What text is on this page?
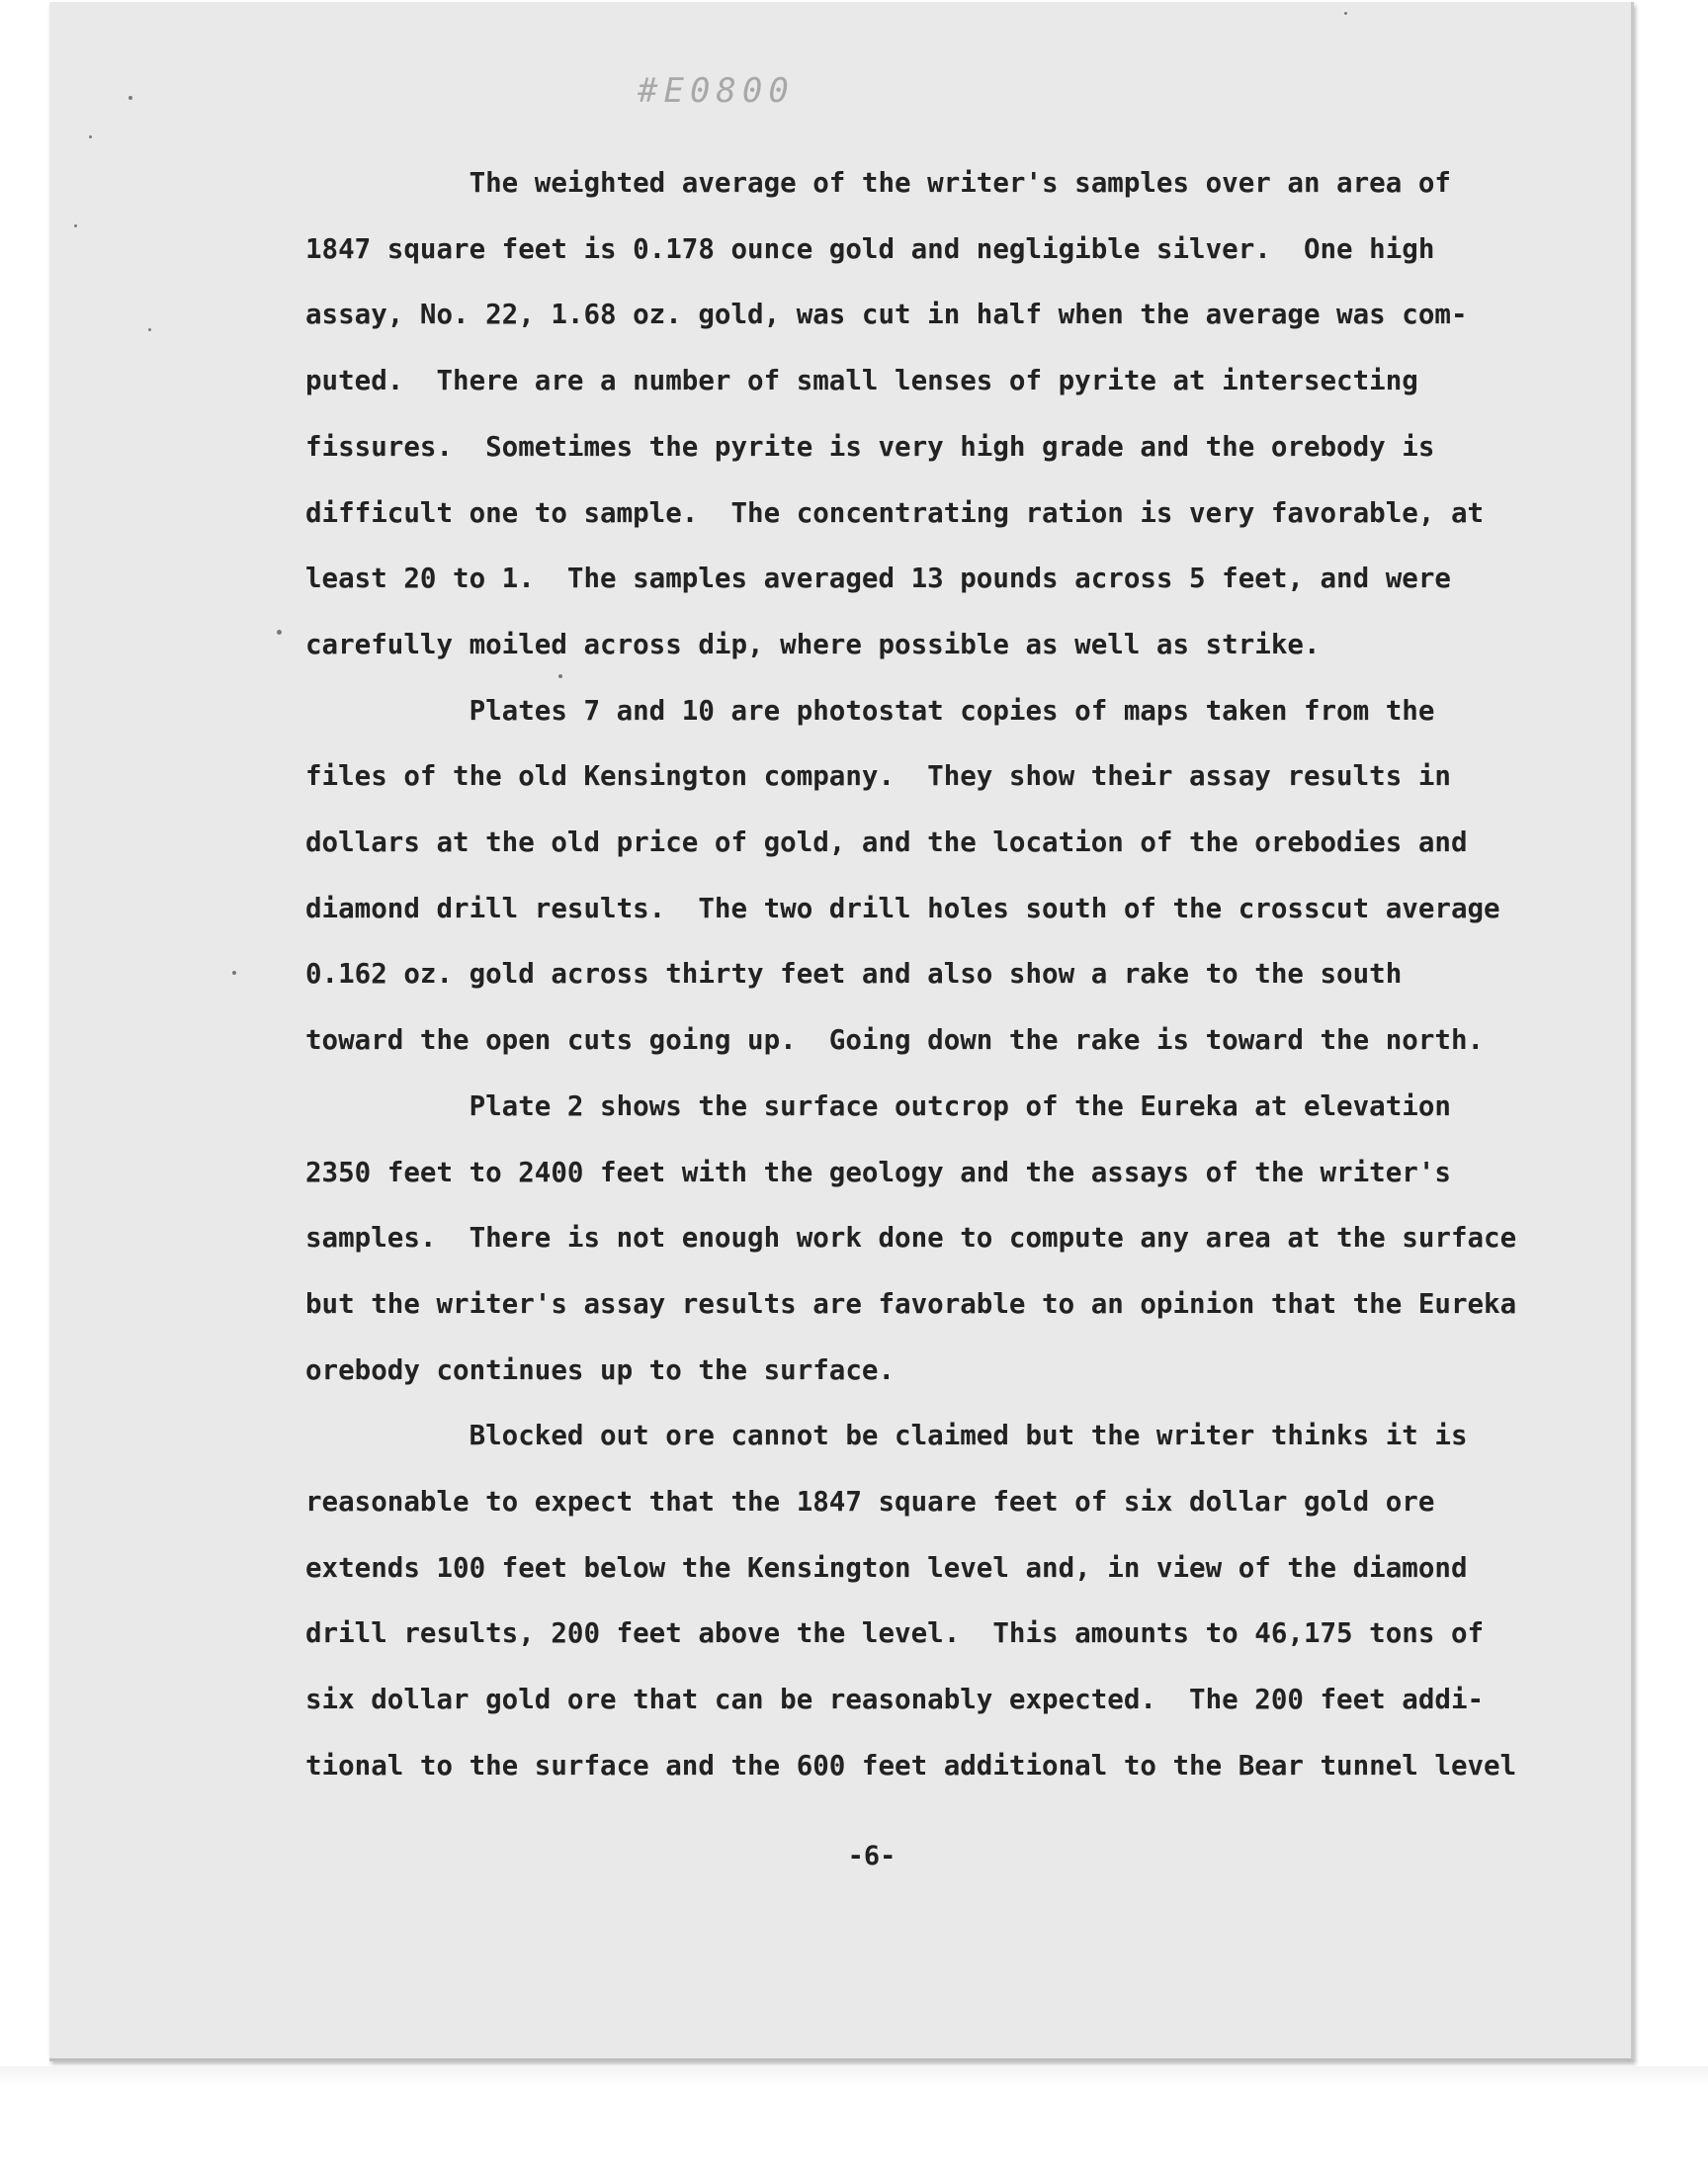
#E0800
The weighted average of the writer's samples over an area of
1847 square feet is 0.178 ounce gold and negligible silver.  One high
assay, No. 22, 1.68 oz. gold, was cut in half when the average was com-
puted.  There are a number of small lenses of pyrite at intersecting
fissures.  Sometimes the pyrite is very high grade and the orebody is
difficult one to sample.  The concentrating ration is very favorable, at
least 20 to 1.  The samples averaged 13 pounds across 5 feet, and were
carefully moiled across dip, where possible as well as strike.
Plates 7 and 10 are photostat copies of maps taken from the
files of the old Kensington company.  They show their assay results in
dollars at the old price of gold, and the location of the orebodies and
diamond drill results.  The two drill holes south of the crosscut average
0.162 oz. gold across thirty feet and also show a rake to the south
toward the open cuts going up.  Going down the rake is toward the north.
Plate 2 shows the surface outcrop of the Eureka at elevation
2350 feet to 2400 feet with the geology and the assays of the writer's
samples.  There is not enough work done to compute any area at the surface
but the writer's assay results are favorable to an opinion that the Eureka
orebody continues up to the surface.
Blocked out ore cannot be claimed but the writer thinks it is
reasonable to expect that the 1847 square feet of six dollar gold ore
extends 100 feet below the Kensington level and, in view of the diamond
drill results, 200 feet above the level.  This amounts to 46,175 tons of
six dollar gold ore that can be reasonably expected.  The 200 feet addi-
tional to the surface and the 600 feet additional to the Bear tunnel level
-6-
